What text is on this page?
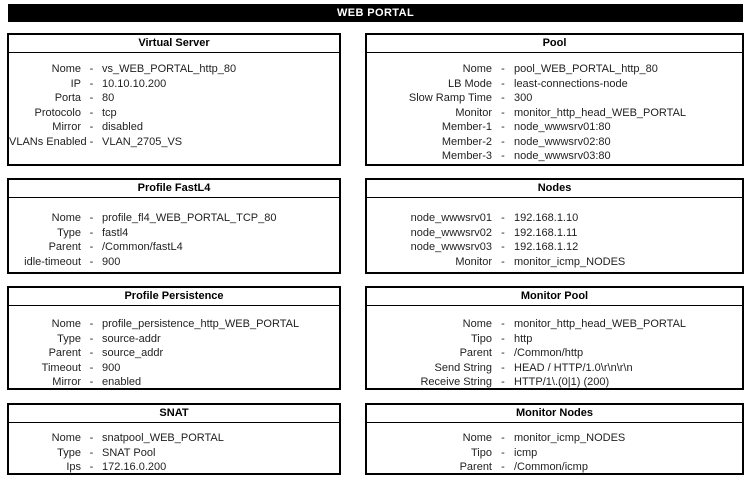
WEB PORTAL
Virtual Server
Nome - vs_WEB_PORTAL_http_80
IP - 10.10.10.200
Porta - 80
Protocolo - tcp
Mirror - disabled
VLANs Enabled - VLAN_2705_VS
Pool
Nome - pool_WEB_PORTAL_http_80
LB Mode - least-connections-node
Slow Ramp Time - 300
Monitor - monitor_http_head_WEB_PORTAL
Member-1 - node_wwwsrv01:80
Member-2 - node_wwwsrv02:80
Member-3 - node_wwwsrv03:80
Profile FastL4
Nome - profile_fl4_WEB_PORTAL_TCP_80
Type - fastl4
Parent - /Common/fastL4
idle-timeout - 900
Nodes
node_wwwsrv01 - 192.168.1.10
node_wwwsrv02 - 192.168.1.11
node_wwwsrv03 - 192.168.1.12
Monitor - monitor_icmp_NODES
Profile Persistence
Nome - profile_persistence_http_WEB_PORTAL
Type - source-addr
Parent - source_addr
Timeout - 900
Mirror - enabled
Monitor Pool
Nome - monitor_http_head_WEB_PORTAL
Tipo - http
Parent - /Common/http
Send String - HEAD / HTTP/1.0\r\n\r\n
Receive String - HTTP/1\.(0|1) (200)
SNAT
Nome - snatpool_WEB_PORTAL
Type - SNAT Pool
Ips - 172.16.0.200
Monitor Nodes
Nome - monitor_icmp_NODES
Tipo - icmp
Parent - /Common/icmp
